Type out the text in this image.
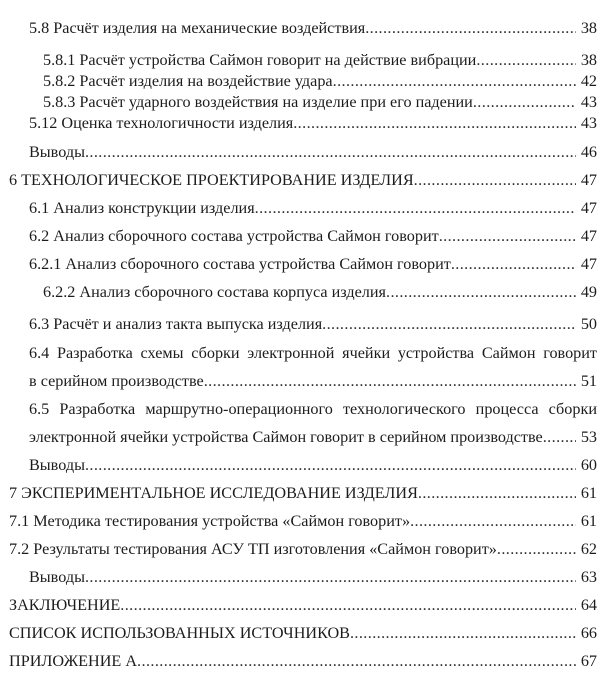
5.8 Расчёт изделия на механические воздействия .....	38
5.8.1 Расчёт устройства Саймон говорит на действие вибрации .....	38
5.8.2 Расчёт изделия на воздействие удара .....	42
5.8.3 Расчёт ударного воздействия на изделие при его падении .....	43
5.12 Оценка технологичности изделия .....	43
Выводы .....	46
6 ТЕХНОЛОГИЧЕСКОЕ ПРОЕКТИРОВАНИЕ ИЗДЕЛИЯ .....	47
6.1 Анализ конструкции изделия .....	47
6.2 Анализ сборочного состава устройства Саймон говорит .....	47
6.2.1 Анализ сборочного состава устройства Саймон говорит .....	47
6.2.2 Анализ сборочного состава корпуса изделия .....	49
6.3 Расчёт и анализ такта выпуска изделия .....	50
6.4 Разработка схемы сборки электронной ячейки устройства Саймон говорит
в серийном производстве .....	51
6.5 Разработка маршрутно-операционного технологического процесса сборки
электронной ячейки устройства Саймон говорит в серийном производстве .....	53
Выводы .....	60
7 ЭКСПЕРИМЕНТАЛЬНОЕ ИССЛЕДОВАНИЕ ИЗДЕЛИЯ .....	61
7.1 Методика тестирования устройства «Саймон говорит» .....	61
7.2 Результаты тестирования АСУ ТП изготовления «Саймон говорит» .....	62
Выводы .....	63
ЗАКЛЮЧЕНИЕ .....	64
СПИСОК ИСПОЛЬЗОВАННЫХ ИСТОЧНИКОВ .....	66
ПРИЛОЖЕНИЕ А .....	67
